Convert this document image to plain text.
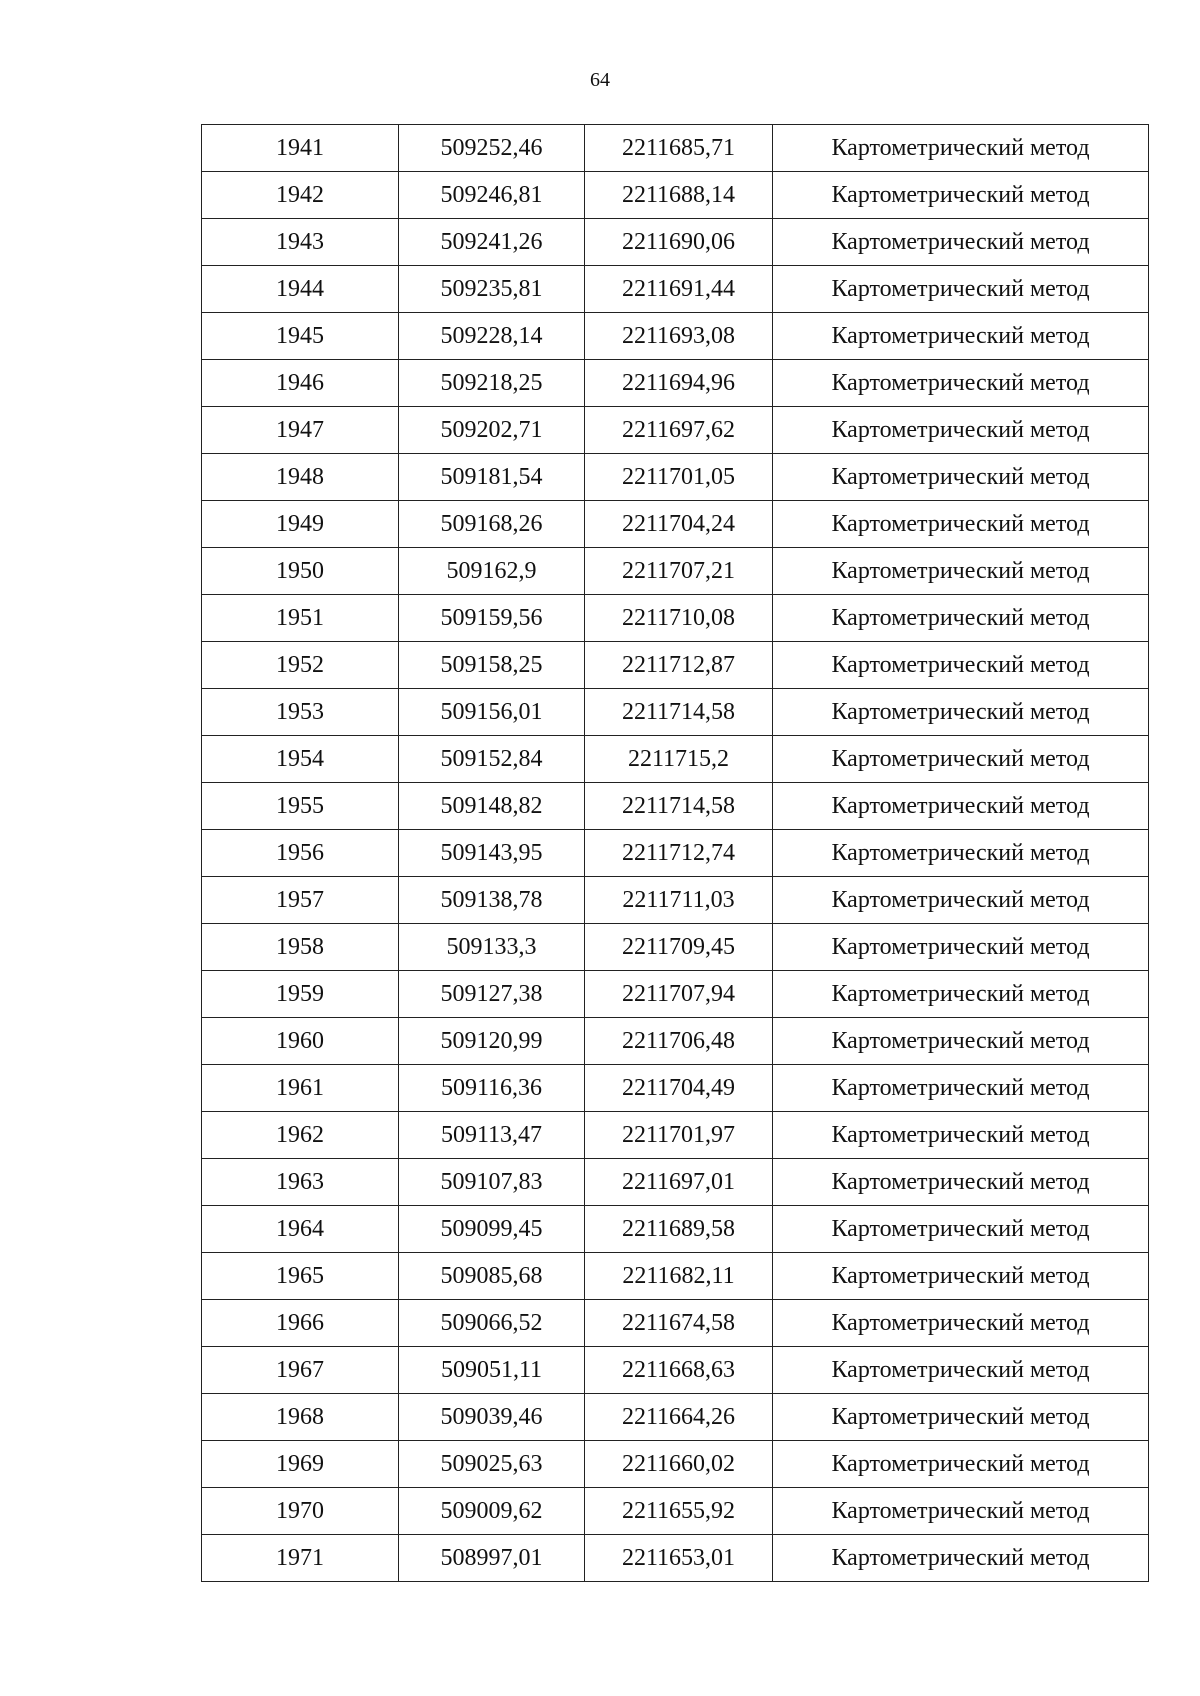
64
1941	509252,46	2211685,71	Картометрический метод
1942	509246,81	2211688,14	Картометрический метод
1943	509241,26	2211690,06	Картометрический метод
1944	509235,81	2211691,44	Картометрический метод
1945	509228,14	2211693,08	Картометрический метод
1946	509218,25	2211694,96	Картометрический метод
1947	509202,71	2211697,62	Картометрический метод
1948	509181,54	2211701,05	Картометрический метод
1949	509168,26	2211704,24	Картометрический метод
1950	509162,9	2211707,21	Картометрический метод
1951	509159,56	2211710,08	Картометрический метод
1952	509158,25	2211712,87	Картометрический метод
1953	509156,01	2211714,58	Картометрический метод
1954	509152,84	2211715,2	Картометрический метод
1955	509148,82	2211714,58	Картометрический метод
1956	509143,95	2211712,74	Картометрический метод
1957	509138,78	2211711,03	Картометрический метод
1958	509133,3	2211709,45	Картометрический метод
1959	509127,38	2211707,94	Картометрический метод
1960	509120,99	2211706,48	Картометрический метод
1961	509116,36	2211704,49	Картометрический метод
1962	509113,47	2211701,97	Картометрический метод
1963	509107,83	2211697,01	Картометрический метод
1964	509099,45	2211689,58	Картометрический метод
1965	509085,68	2211682,11	Картометрический метод
1966	509066,52	2211674,58	Картометрический метод
1967	509051,11	2211668,63	Картометрический метод
1968	509039,46	2211664,26	Картометрический метод
1969	509025,63	2211660,02	Картометрический метод
1970	509009,62	2211655,92	Картометрический метод
1971	508997,01	2211653,01	Картометрический метод
